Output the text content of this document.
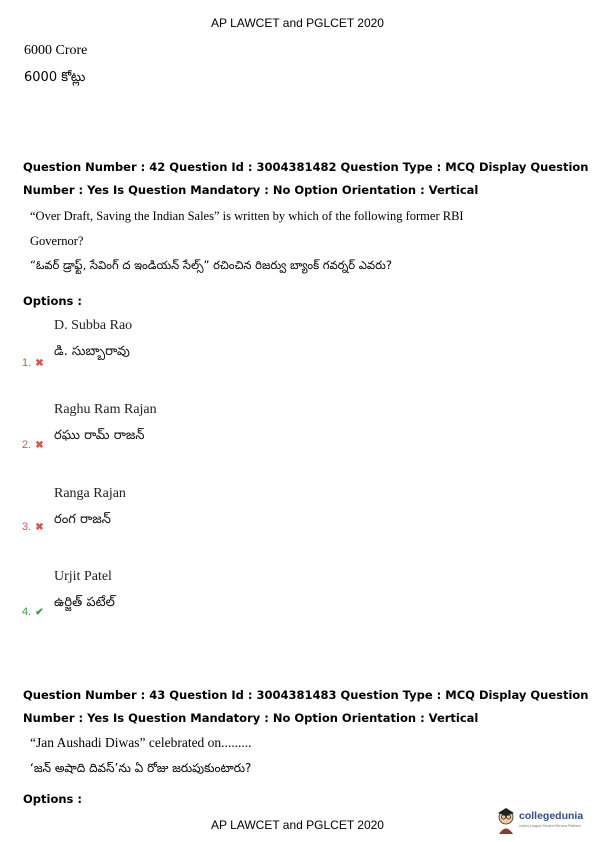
AP LAWCET and PGLCET 2020
6000 Crore
6000 కోట్లు
Question Number : 42 Question Id : 3004381482 Question Type : MCQ Display Question
Number : Yes Is Question Mandatory : No Option Orientation : Vertical
“Over Draft, Saving the Indian Sales” is written by which of the following former RBI
Governor?
“ఓవర్ డ్రాఫ్ట్, సేవింగ్ ద ఇండియన్ సేల్స్” రచించిన రిజర్వు బ్యాంక్ గవర్నర్ ఎవరు?
Options :
D. Subba Rao
డి. సుబ్బారావు
1. ✖
Raghu Ram Rajan
రఘు రామ్ రాజన్
2. ✖
Ranga Rajan
రంగ రాజన్
3. ✖
Urjit Patel
ఉర్జిత్ పటేల్
4. ✔
Question Number : 43 Question Id : 3004381483 Question Type : MCQ Display Question
Number : Yes Is Question Mandatory : No Option Orientation : Vertical
“Jan Aushadi Diwas” celebrated on.........
‘జన్ అషాది దివస్’ను ఏ రోజు జరుపుకుంటారు?
Options :
AP LAWCET and PGLCET 2020
collegedunia
India's Largest Student Review Platform
